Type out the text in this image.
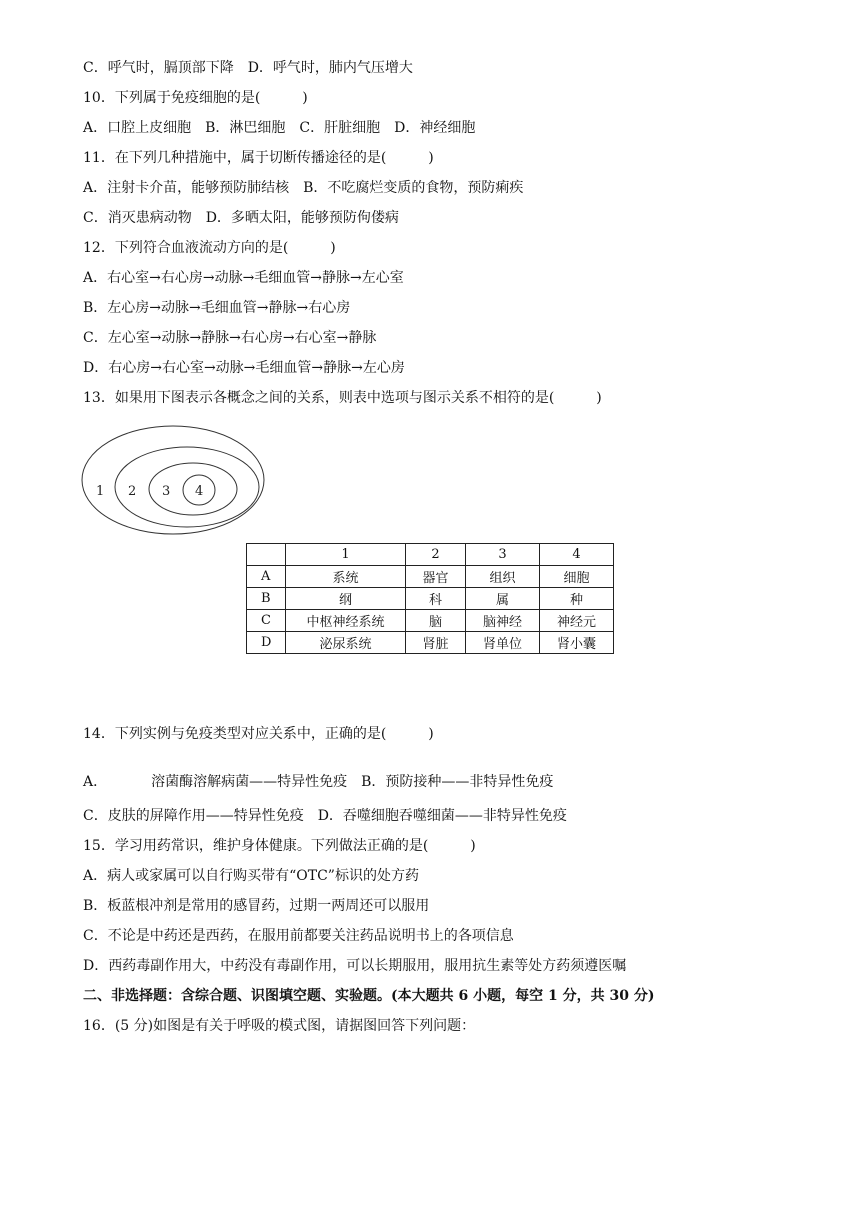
C．呼气时，膈顶部下降　D．呼气时，肺内气压增大
10．下列属于免疫细胞的是(　　　)
A．口腔上皮细胞　B．淋巴细胞　C．肝脏细胞　D．神经细胞
11．在下列几种措施中，属于切断传播途径的是(　　　)
A．注射卡介苗，能够预防肺结核　B．不吃腐烂变质的食物，预防痢疾
C．消灭患病动物　D．多晒太阳，能够预防佝偻病
12．下列符合血液流动方向的是(　　　)
A．右心室→右心房→动脉→毛细血管→静脉→左心室
B．左心房→动脉→毛细血管→静脉→右心房
C．左心室→动脉→静脉→右心房→右心室→静脉
D．右心房→右心室→动脉→毛细血管→静脉→左心房
13．如果用下图表示各概念之间的关系，则表中选项与图示关系不相符的是(　　　)
1 2 3 4
	1	2	3	4
A	系统	器官	组织	细胞
B	纲	科	属	种
C	中枢神经系统	脑	脑神经	神经元
D	泌尿系统	肾脏	肾单位	肾小囊
14．下列实例与免疫类型对应关系中，正确的是(　　　)
A．	溶菌酶溶解病菌——特异性免疫　B．预防接种——非特异性免疫
C．皮肤的屏障作用——特异性免疫　D．吞噬细胞吞噬细菌——非特异性免疫
15．学习用药常识，维护身体健康。下列做法正确的是(　　　)
A．病人或家属可以自行购买带有“OTC”标识的处方药
B．板蓝根冲剂是常用的感冒药，过期一两周还可以服用
C．不论是中药还是西药，在服用前都要关注药品说明书上的各项信息
D．西药毒副作用大，中药没有毒副作用，可以长期服用，服用抗生素等处方药须遵医嘱
二、非选择题：含综合题、识图填空题、实验题。(本大题共 6 小题，每空 1 分，共 30 分)
16．(5 分)如图是有关于呼吸的模式图，请据图回答下列问题：
